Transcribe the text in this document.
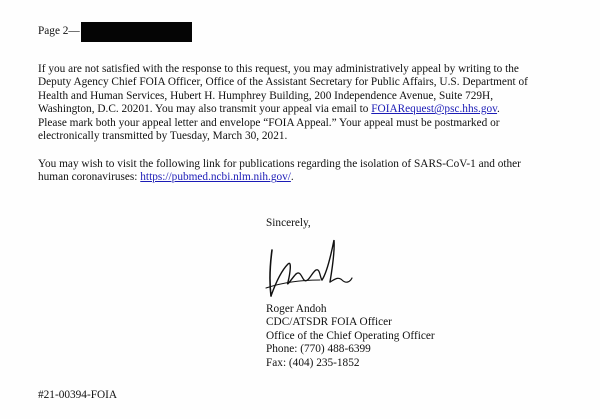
Page 2—

If you are not satisfied with the response to this request, you may administratively appeal by writing to the
Deputy Agency Chief FOIA Officer, Office of the Assistant Secretary for Public Affairs, U.S. Department of
Health and Human Services, Hubert H. Humphrey Building, 200 Independence Avenue, Suite 729H,
Washington, D.C. 20201. You may also transmit your appeal via email to FOIARequest@psc.hhs.gov.
Please mark both your appeal letter and envelope “FOIA Appeal.” Your appeal must be postmarked or
electronically transmitted by Tuesday, March 30, 2021.

You may wish to visit the following link for publications regarding the isolation of SARS-CoV-1 and other
human coronaviruses: https://pubmed.ncbi.nlm.nih.gov/.

Sincerely,
Roger Andoh
CDC/ATSDR FOIA Officer
Office of the Chief Operating Officer
Phone: (770) 488-6399
Fax: (404) 235-1852
#21-00394-FOIA
